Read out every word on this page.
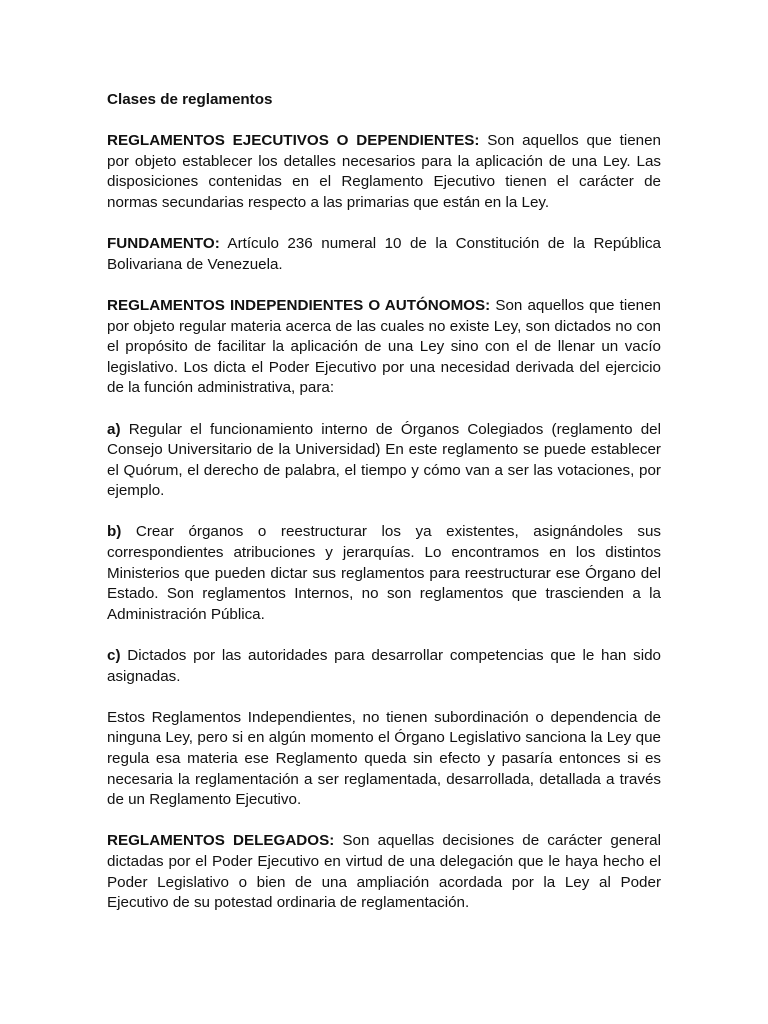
Clases de reglamentos

REGLAMENTOS EJECUTIVOS O DEPENDIENTES: Son aquellos que tienen por objeto establecer los detalles necesarios para la aplicación de una Ley. Las disposiciones contenidas en el Reglamento Ejecutivo tienen el carácter de normas secundarias respecto a las primarias que están en la Ley.

FUNDAMENTO: Artículo 236 numeral 10 de la Constitución de la República Bolivariana de Venezuela.

REGLAMENTOS INDEPENDIENTES O AUTÓNOMOS: Son aquellos que tienen por objeto regular materia acerca de las cuales no existe Ley, son dictados no con el propósito de facilitar la aplicación de una Ley sino con el de llenar un vacío legislativo. Los dicta el Poder Ejecutivo por una necesidad derivada del ejercicio de la función administrativa, para:

a) Regular el funcionamiento interno de Órganos Colegiados (reglamento del Consejo Universitario de la Universidad) En este reglamento se puede establecer el Quórum, el derecho de palabra, el tiempo y cómo van a ser las votaciones, por ejemplo.

b) Crear órganos o reestructurar los ya existentes, asignándoles sus correspondientes atribuciones y jerarquías. Lo encontramos en los distintos Ministerios que pueden dictar sus reglamentos para reestructurar ese Órgano del Estado. Son reglamentos Internos, no son reglamentos que trascienden a la Administración Pública.

c) Dictados por las autoridades para desarrollar competencias que le han sido asignadas.

Estos Reglamentos Independientes, no tienen subordinación o dependencia de ninguna Ley, pero si en algún momento el Órgano Legislativo sanciona la Ley que regula esa materia ese Reglamento queda sin efecto y pasaría entonces si es necesaria la reglamentación a ser reglamentada, desarrollada, detallada a través de un Reglamento Ejecutivo.

REGLAMENTOS DELEGADOS: Son aquellas decisiones de carácter general dictadas por el Poder Ejecutivo en virtud de una delegación que le haya hecho el Poder Legislativo o bien de una ampliación acordada por la Ley al Poder Ejecutivo de su potestad ordinaria de reglamentación.
